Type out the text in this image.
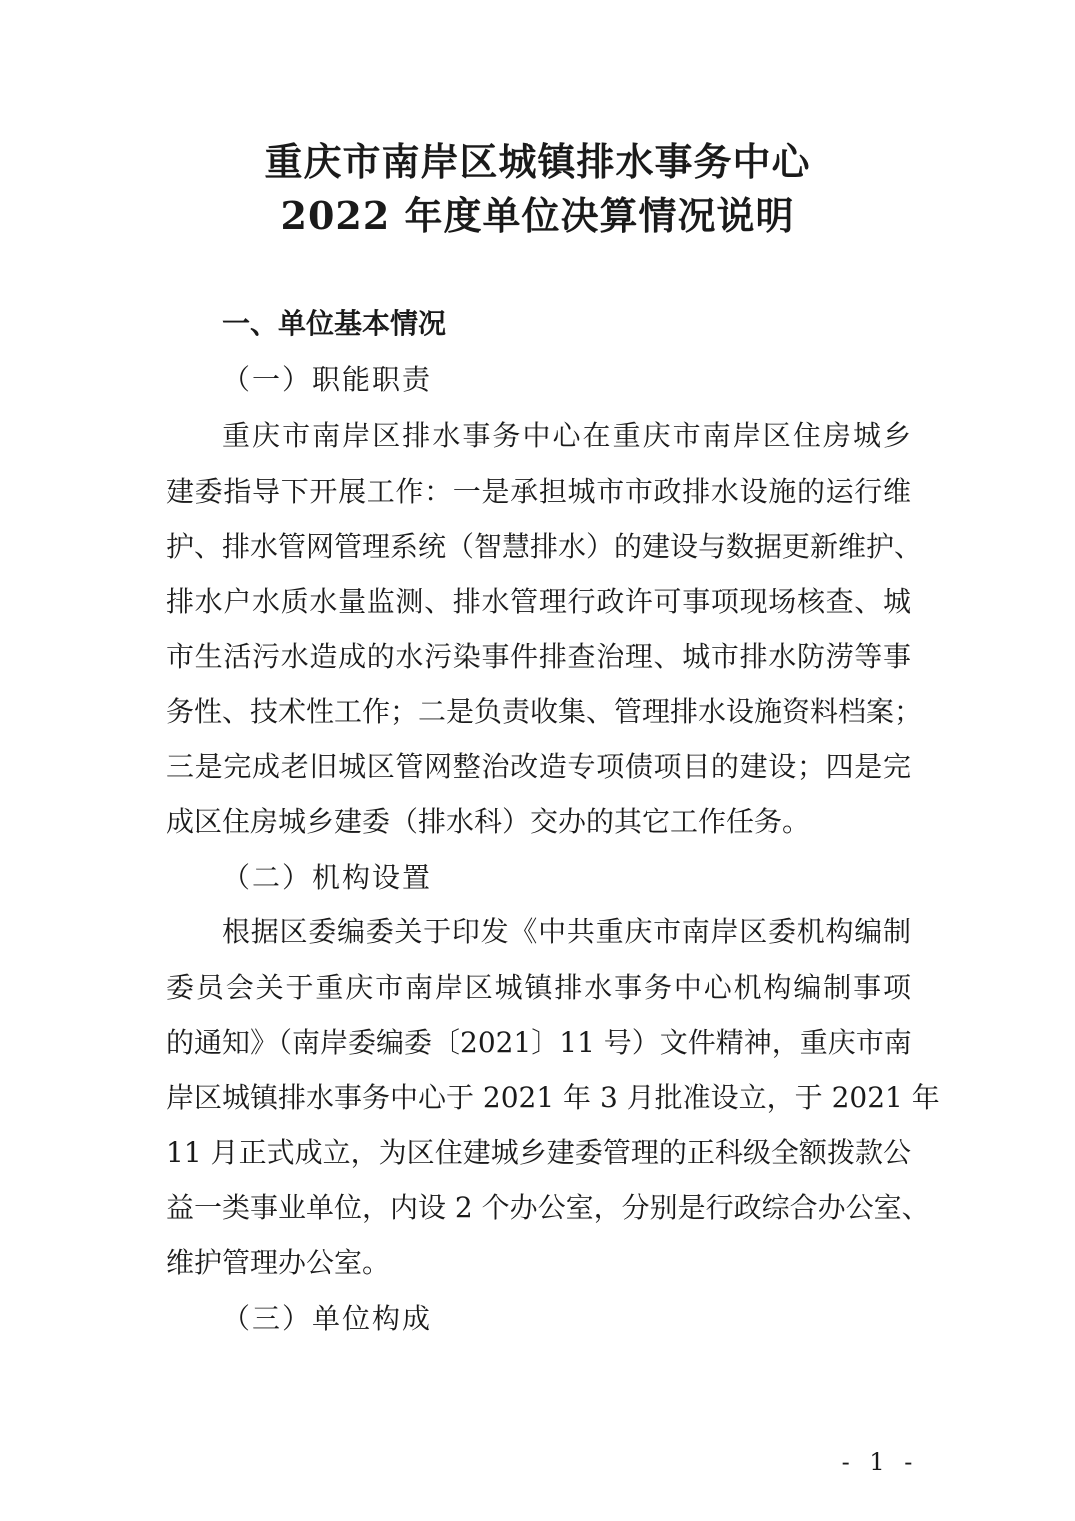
重庆市南岸区城镇排水事务中心
2022 年度单位决算情况说明
一、单位基本情况
（一）职能职责
重庆市南岸区排水事务中心在重庆市南岸区住房城乡
建委指导下开展工作：一是承担城市市政排水设施的运行维
护、排水管网管理系统（智慧排水）的建设与数据更新维护、
排水户水质水量监测、排水管理行政许可事项现场核查、城
市生活污水造成的水污染事件排查治理、城市排水防涝等事
务性、技术性工作；二是负责收集、管理排水设施资料档案；
三是完成老旧城区管网整治改造专项债项目的建设；四是完
成区住房城乡建委（排水科）交办的其它工作任务。
（二）机构设置
根据区委编委关于印发《中共重庆市南岸区委机构编制
委员会关于重庆市南岸区城镇排水事务中心机构编制事项
的通知》（南岸委编委〔2021〕11 号）文件精神，重庆市南
岸区城镇排水事务中心于 2021 年 3 月批准设立，于 2021 年
11 月正式成立，为区住建城乡建委管理的正科级全额拨款公
益一类事业单位，内设 2 个办公室，分别是行政综合办公室、
维护管理办公室。
（三）单位构成
- 1 -
